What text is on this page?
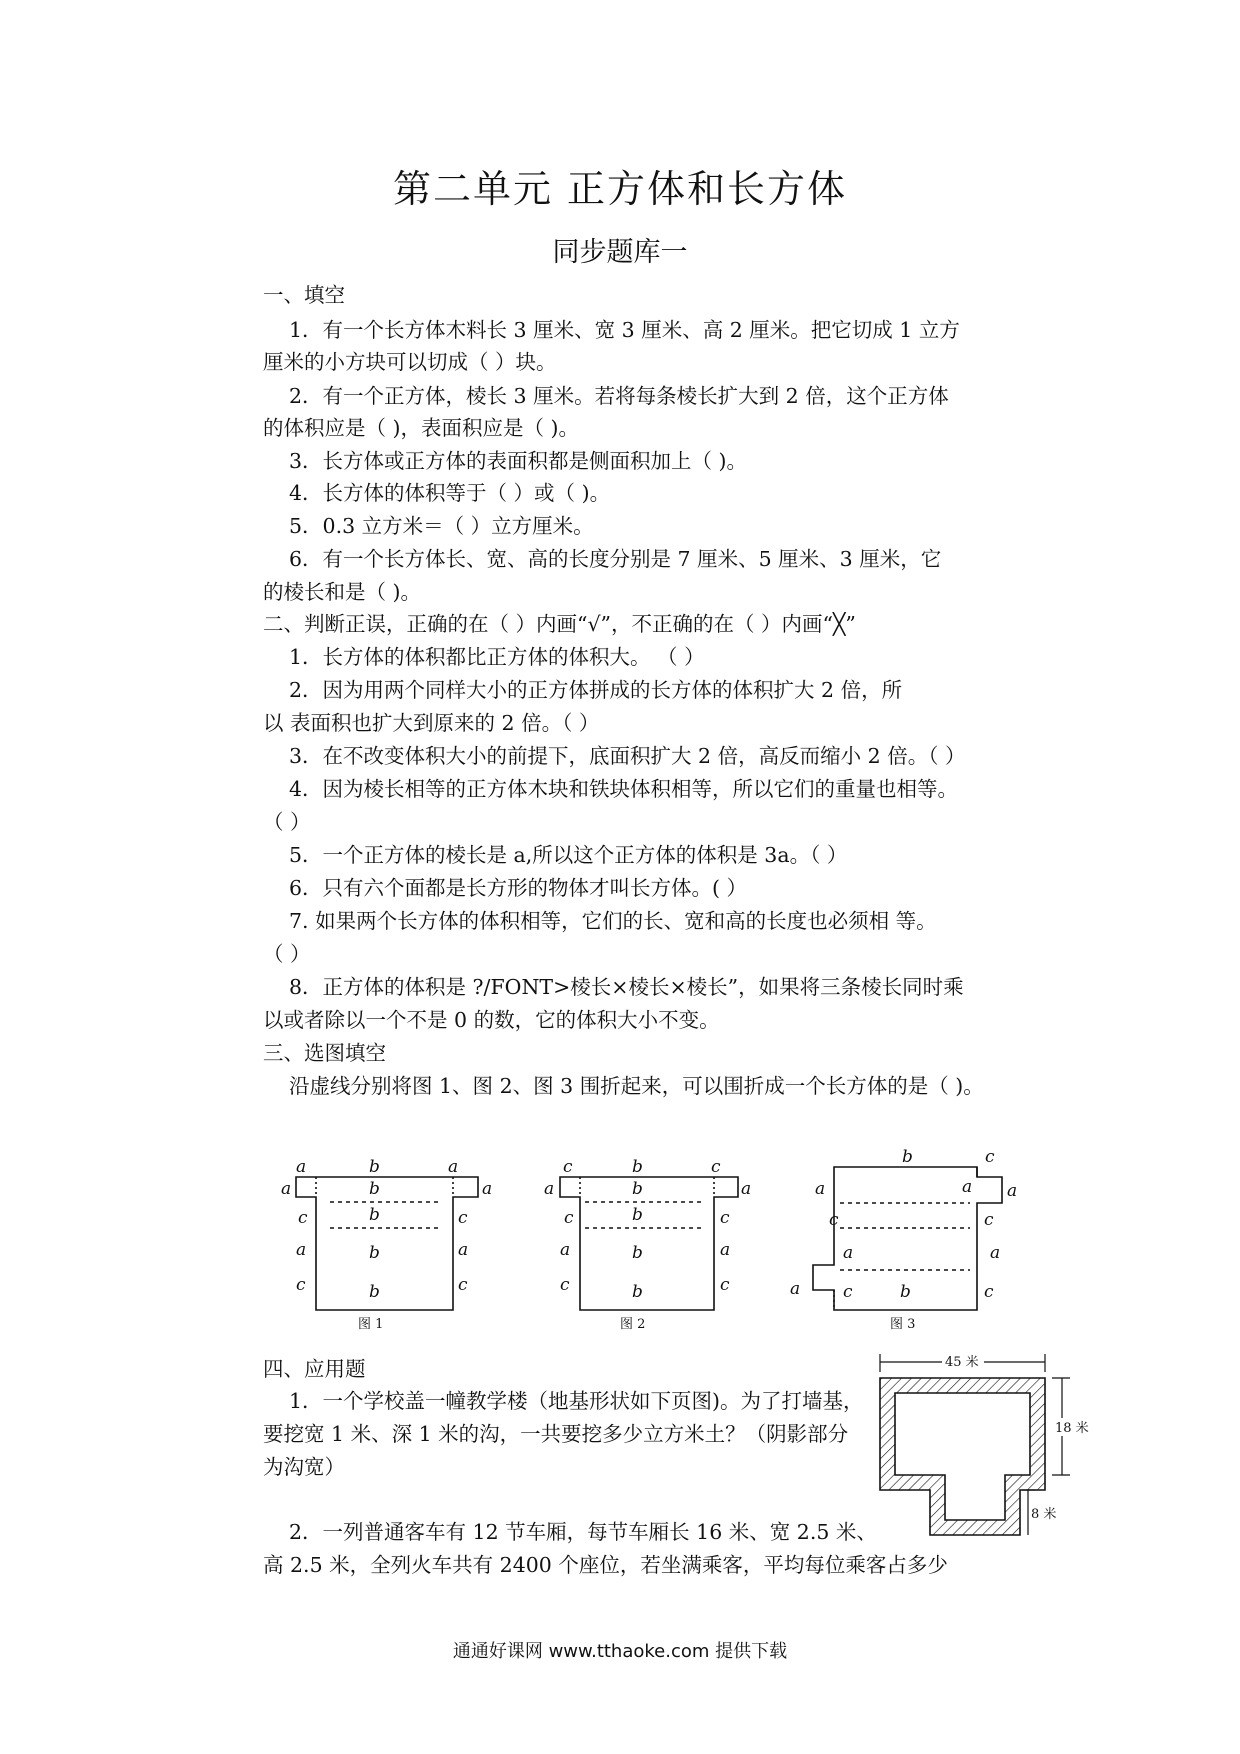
第二单元 正方体和长方体
同步题库一
一、填空
1．有一个长方体木料长 3 厘米、宽 3 厘米、高 2 厘米。把它切成 1 立方
厘米的小方块可以切成（ ）块。
2．有一个正方体，棱长 3 厘米。若将每条棱长扩大到 2 倍，这个正方体
的体积应是（ )，表面积应是（ )。
3．长方体或正方体的表面积都是侧面积加上（ )。
4．长方体的体积等于（ ）或（ )。
5．0.3 立方米＝（ ）立方厘米。
6．有一个长方体长、宽、高的长度分别是 7 厘米、5 厘米、3 厘米，它
的棱长和是（ )。
二、判断正误，正确的在（ ）内画“√”，不正确的在（ ）内画“╳”
1．长方体的体积都比正方体的体积大。 （ ）
2．因为用两个同样大小的正方体拼成的长方体的体积扩大 2 倍，所
以 表面积也扩大到原来的 2 倍。（ ）
3．在不改变体积大小的前提下，底面积扩大 2 倍，高反而缩小 2 倍。（ ）
4．因为棱长相等的正方体木块和铁块体积相等，所以它们的重量也相等。
（ ）
5．一个正方体的棱长是 a,所以这个正方体的体积是 3a。（ ）
6．只有六个面都是长方形的物体才叫长方体。( ）
7. 如果两个长方体的体积相等，它们的长、宽和高的长度也必须相 等。
（ ）
8．正方体的体积是 ?/FONT>棱长×棱长×棱长”，如果将三条棱长同时乘
以或者除以一个不是 0 的数，它的体积大小不变。
三、选图填空
沿虚线分别将图 1、图 2、图 3 围折起来，可以围折成一个长方体的是（ )。
a	b	a
a	b	a
c	b	c
a	b	a
c	b	c
图 1
c	b	c
a	b	a
c	b	c
a	b	a
c	b	c
图 2
b	c
a	a a
c	c
a	a
a	c	b	c
图 3
四、应用题
1．一个学校盖一幢教学楼（地基形状如下页图)。为了打墙基，
要挖宽 1 米、深 1 米的沟，一共要挖多少立方米土？（阴影部分
为沟宽）
2．一列普通客车有 12 节车厢，每节车厢长 16 米、宽 2.5 米、
高 2.5 米，全列火车共有 2400 个座位，若坐满乘客，平均每位乘客占多少
45 米
18 米
8 米
通通好课网 www.tthaoke.com 提供下载
